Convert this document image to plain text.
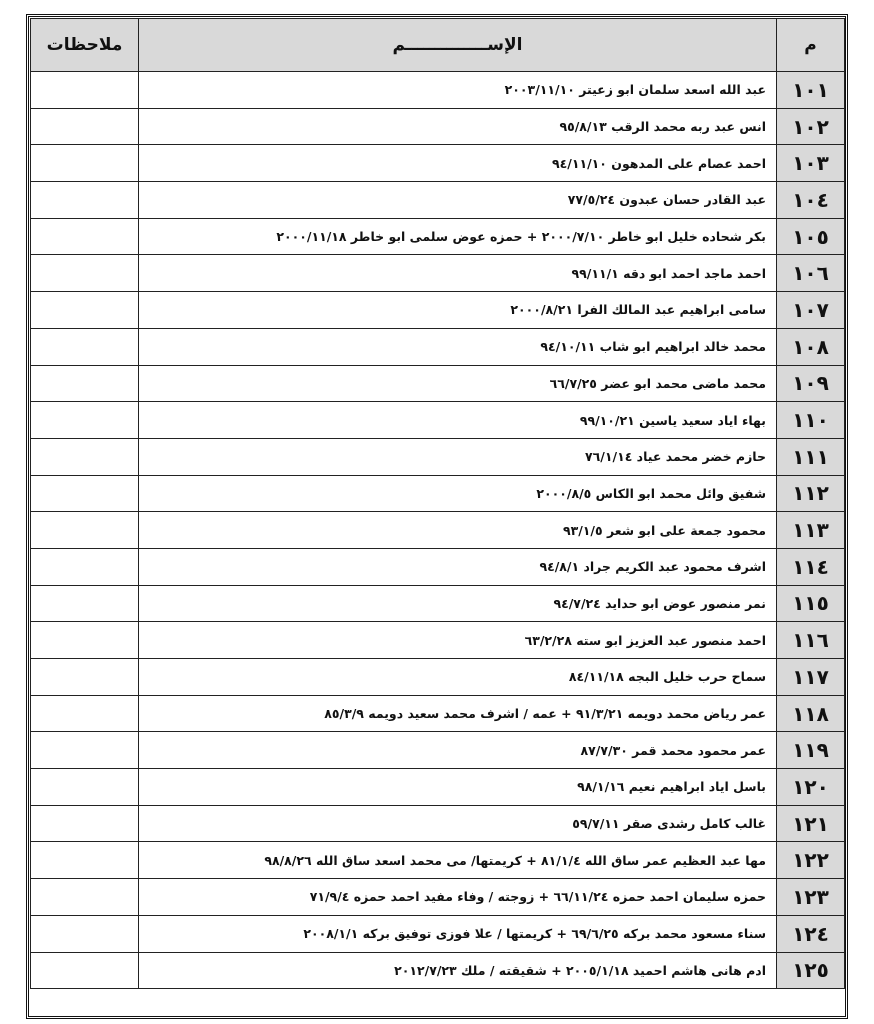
م	الإســــــــــــــم	ملاحظات
١٠١	عبد الله اسعد سلمان ابو زعيتر ٢٠٠٣/١١/١٠	
١٠٢	انس عبد ربه محمد الرقب ٩٥/٨/١٣	
١٠٣	احمد عصام على المدهون ٩٤/١١/١٠	
١٠٤	عبد القادر حسان عبدون ٧٧/٥/٢٤	
١٠٥	بكر شحاده خليل ابو خاطر ٢٠٠٠/٧/١٠ + حمزه عوض سلمى ابو خاطر ٢٠٠٠/١١/١٨	
١٠٦	احمد ماجد احمد ابو دقه ٩٩/١١/١	
١٠٧	سامى ابراهيم عبد المالك الفرا ٢٠٠٠/٨/٢١	
١٠٨	محمد خالد ابراهيم ابو شاب ٩٤/١٠/١١	
١٠٩	محمد ماضى محمد ابو عضر ٦٦/٧/٢٥	
١١٠	بهاء اياد سعيد ياسين ٩٩/١٠/٢١	
١١١	حازم خضر محمد عياد ٧٦/١/١٤	
١١٢	شفيق وائل محمد ابو الكاس ٢٠٠٠/٨/٥	
١١٣	محمود جمعة على ابو شعر ٩٣/١/٥	
١١٤	اشرف محمود عبد الكريم جراد ٩٤/٨/١	
١١٥	نمر منصور عوض ابو حدايد ٩٤/٧/٢٤	
١١٦	احمد منصور عبد العزيز ابو سته ٦٣/٢/٢٨	
١١٧	سماح حرب خليل البجه ٨٤/١١/١٨	
١١٨	عمر رياض محمد دويمه ٩١/٣/٢١ + عمه / اشرف محمد سعيد دويمه ٨٥/٣/٩	
١١٩	عمر محمود محمد قمر ٨٧/٧/٣٠	
١٢٠	باسل اياد ابراهيم نعيم ٩٨/١/١٦	
١٢١	غالب كامل رشدى صقر ٥٩/٧/١١	
١٢٢	مها عبد العظيم عمر ساق الله ٨١/١/٤ + كريمتها/ مى محمد اسعد ساق الله ٩٨/٨/٢٦	
١٢٣	حمزه سليمان احمد حمزه ٦٦/١١/٢٤ + زوجته / وفاء مفيد احمد حمزه ٧١/٩/٤	
١٢٤	سناء مسعود محمد بركه ٦٩/٦/٢٥ + كريمتها / علا فوزى توفيق بركه ٢٠٠٨/١/١	
١٢٥	ادم هانى هاشم احميد ٢٠٠٥/١/١٨ + شقيقته / ملك ٢٠١٢/٧/٢٣	
